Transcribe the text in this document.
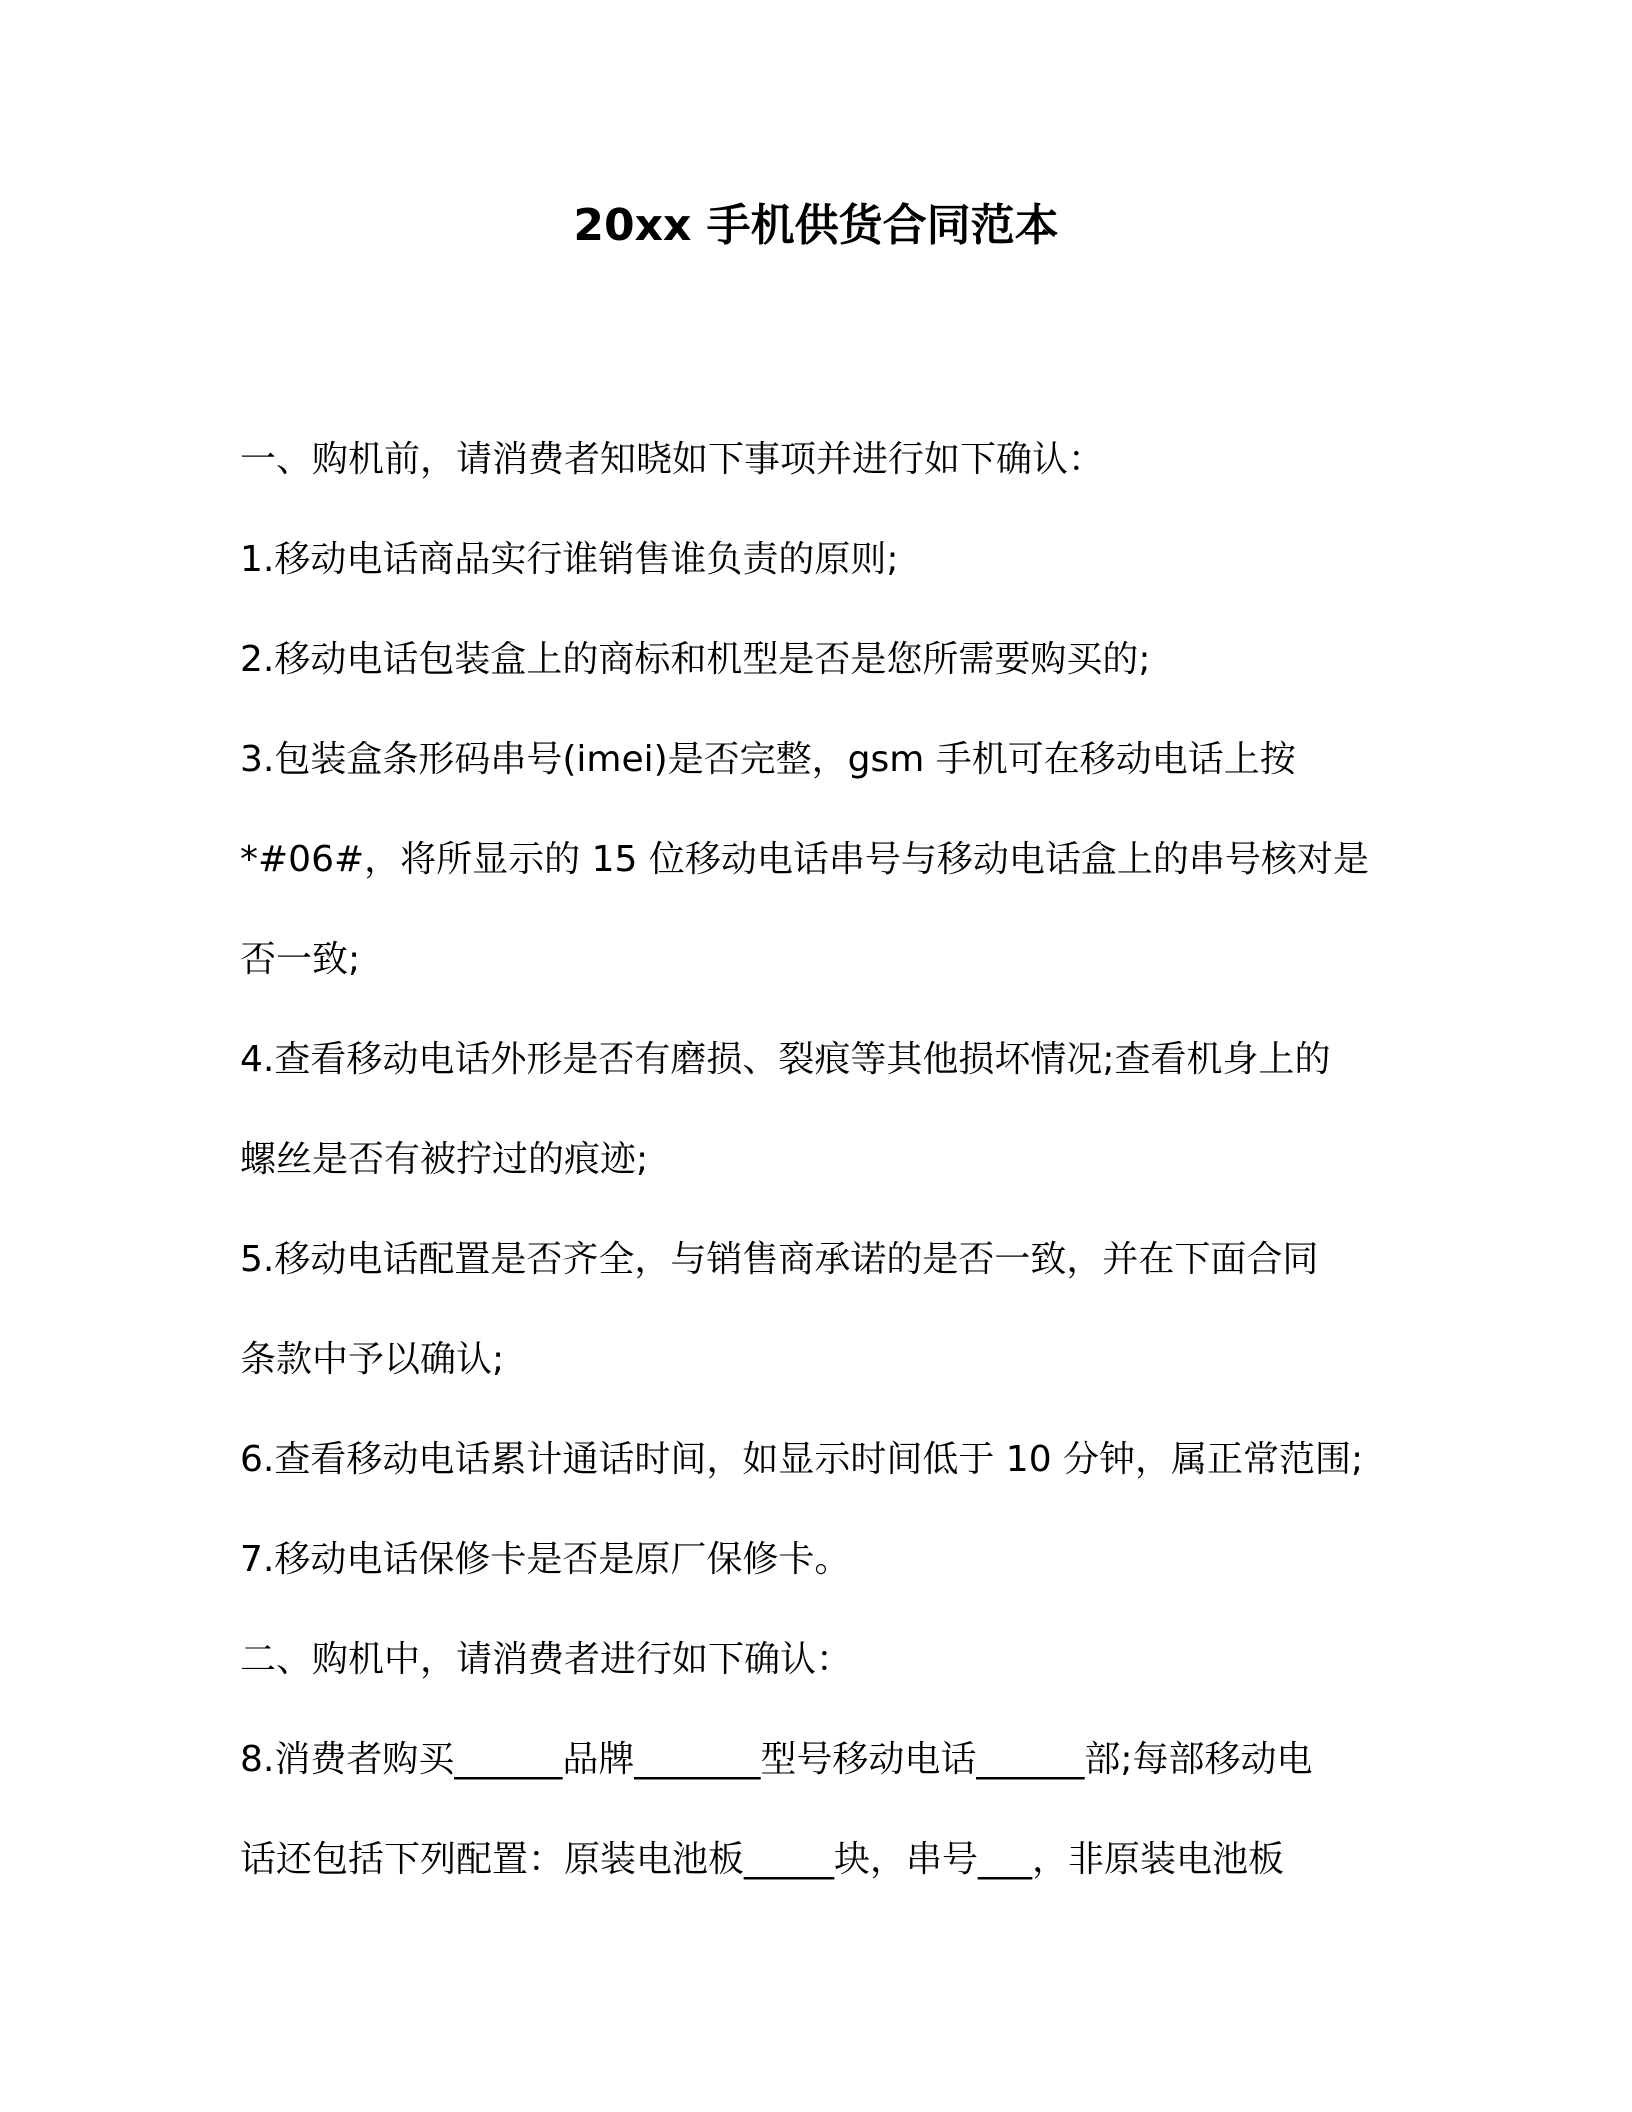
20xx 手机供货合同范本

一、购机前，请消费者知晓如下事项并进行如下确认：

1.移动电话商品实行谁销售谁负责的原则;

2.移动电话包装盒上的商标和机型是否是您所需要购买的;

3.包装盒条形码串号(imei)是否完整，gsm 手机可在移动电话上按

*#06#，将所显示的 15 位移动电话串号与移动电话盒上的串号核对是

否一致;

4.查看移动电话外形是否有磨损、裂痕等其他损坏情况;查看机身上的

螺丝是否有被拧过的痕迹;

5.移动电话配置是否齐全，与销售商承诺的是否一致，并在下面合同

条款中予以确认;

6.查看移动电话累计通话时间，如显示时间低于 10 分钟，属正常范围;

7.移动电话保修卡是否是原厂保修卡。

二、购机中，请消费者进行如下确认：

8.消费者购买______品牌_______型号移动电话______部;每部移动电

话还包括下列配置：原装电池板_____块，串号___，非原装电池板
